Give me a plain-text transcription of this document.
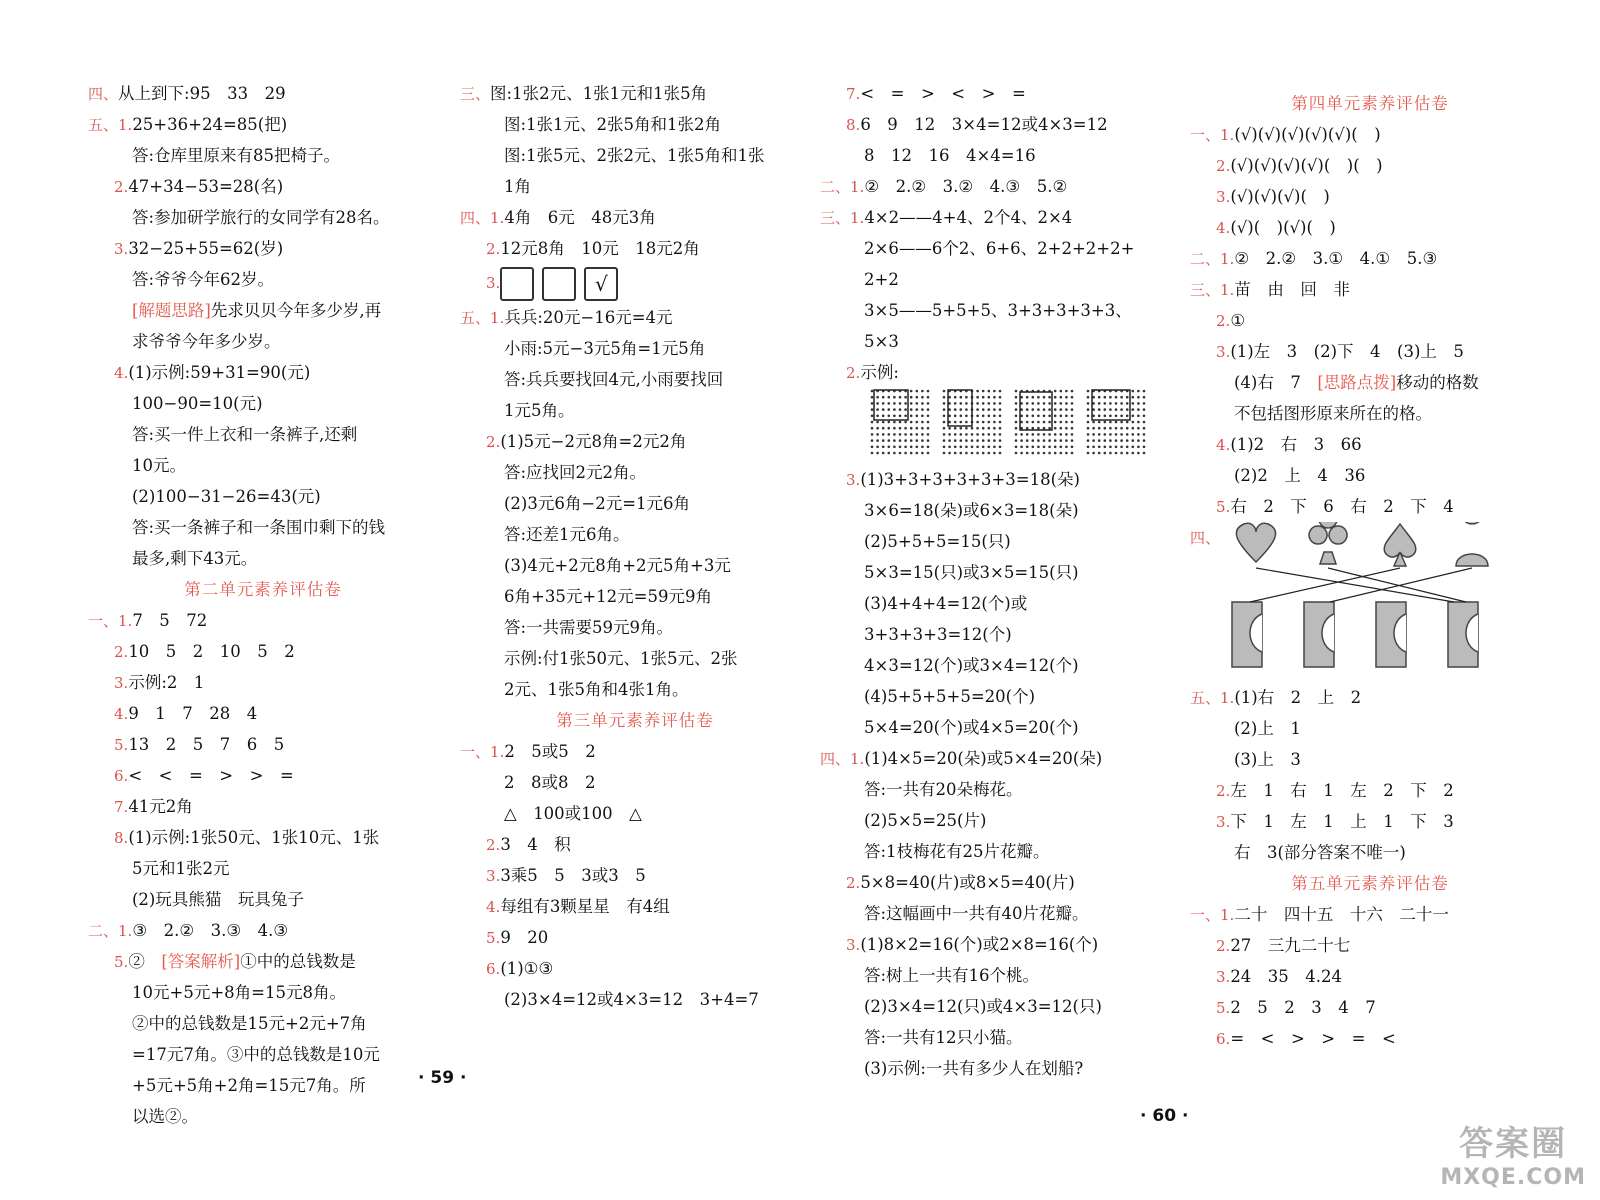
四、从上到下:95　33　29
五、1.25+36+24=85(把)
答:仓库里原来有85把椅子。
2.47+34−53=28(名)
答:参加研学旅行的女同学有28名。
3.32−25+55=62(岁)
答:爷爷今年62岁。
[解题思路]先求贝贝今年多少岁,再
求爷爷今年多少岁。
4.(1)示例:59+31=90(元)
100−90=10(元)
答:买一件上衣和一条裤子,还剩
10元。
(2)100−31−26=43(元)
答:买一条裤子和一条围巾剩下的钱
最多,剩下43元。
第二单元素养评估卷
一、1.7　5　72
2.10　5　2　10　5　2
3.示例:2　1
4.9　1　7　28　4
5.13　2　5　7　6　5
6.<　<　=　>　>　=
7.41元2角
8.(1)示例:1张50元、1张10元、1张
5元和1张2元
(2)玩具熊猫　玩具兔子
二、1.③　2.②　3.③　4.③
5.②　[答案解析]①中的总钱数是
10元+5元+8角=15元8角。
②中的总钱数是15元+2元+7角
=17元7角。③中的总钱数是10元
+5元+5角+2角=15元7角。所
以选②。
三、图:1张2元、1张1元和1张5角
图:1张1元、2张5角和1张2角
图:1张5元、2张2元、1张5角和1张
1角
四、1.4角　6元　48元3角
2.12元8角　10元　18元2角
3.	√
五、1.兵兵:20元−16元=4元
小雨:5元−3元5角=1元5角
答:兵兵要找回4元,小雨要找回
1元5角。
2.(1)5元−2元8角=2元2角
答:应找回2元2角。
(2)3元6角−2元=1元6角
答:还差1元6角。
(3)4元+2元8角+2元5角+3元
6角+35元+12元=59元9角
答:一共需要59元9角。
示例:付1张50元、1张5元、2张
2元、1张5角和4张1角。
第三单元素养评估卷
一、1.2　5或5　2
2　8或8　2
△　100或100　△
2.3　4　积
3.3乘5　5　3或3　5
4.每组有3颗星星　有4组
5.9　20
6.(1)①③
(2)3×4=12或4×3=12　3+4=7
7.<　=　>　<　>　=
8.6　9　12　3×4=12或4×3=12
8　12　16　4×4=16
二、1.②　2.②　3.②　4.③　5.②
三、1.4×2——4+4、2个4、2×4
2×6——6个2、6+6、2+2+2+2+
2+2
3×5——5+5+5、3+3+3+3+3、
5×3
2.示例:
3.(1)3+3+3+3+3+3=18(朵)
3×6=18(朵)或6×3=18(朵)
(2)5+5+5=15(只)
5×3=15(只)或3×5=15(只)
(3)4+4+4=12(个)或
3+3+3+3=12(个)
4×3=12(个)或3×4=12(个)
(4)5+5+5+5=20(个)
5×4=20(个)或4×5=20(个)
四、1.(1)4×5=20(朵)或5×4=20(朵)
答:一共有20朵梅花。
(2)5×5=25(片)
答:1枝梅花有25片花瓣。
2.5×8=40(片)或8×5=40(片)
答:这幅画中一共有40片花瓣。
3.(1)8×2=16(个)或2×8=16(个)
答:树上一共有16个桃。
(2)3×4=12(只)或4×3=12(只)
答:一共有12只小猫。
(3)示例:一共有多少人在划船?
第四单元素养评估卷
一、1.(√)(√)(√)(√)(√)(　)
2.(√)(√)(√)(√)(　)(　)
3.(√)(√)(√)(　)
4.(√)(　)(√)(　)
二、1.②　2.②　3.①　4.①　5.③
三、1.苗　由　回　非
2.①
3.(1)左　3　(2)下　4　(3)上　5
(4)右　7　[思路点拨]移动的格数
不包括图形原来所在的格。
4.(1)2　右　3　66
(2)2　上　4　36
5.右　2　下　6　右　2　下　4
四、
五、1.(1)右　2　上　2
(2)上　1
(3)上　3
2.左　1　右　1　左　2　下　2
3.下　1　左　1　上　1　下　3
右　3(部分答案不唯一)
第五单元素养评估卷
一、1.二十　四十五　十六　二十一
2.27　三九二十七
3.24　35　4.24
5.2　5　2　3　4　7
6.=　<　>　>　=　<
· 59 ·
· 60 ·
答案圈
MXQE.COM
